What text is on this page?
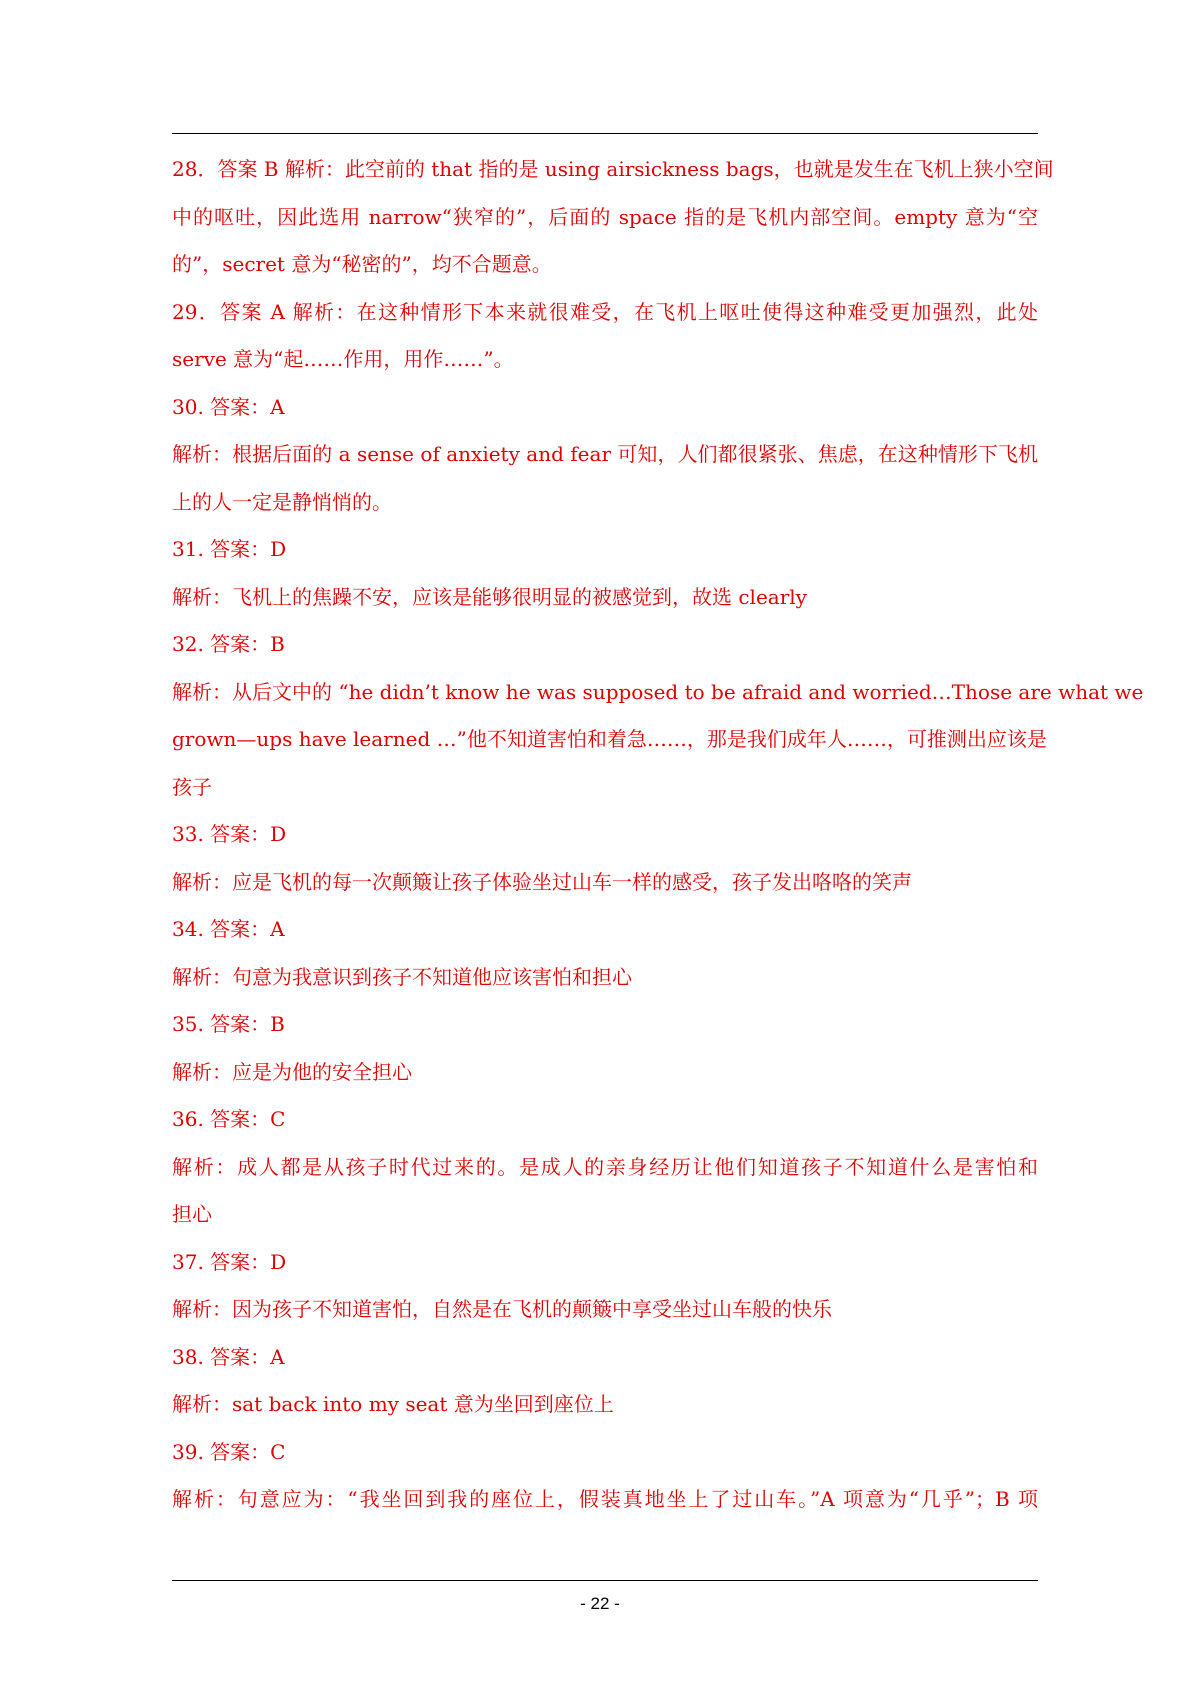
28．答案 B 解析：此空前的 that 指的是 using airsickness bags，也就是发生在飞机上狭小空间
中的呕吐，因此选用 narrow“狭窄的”，后面的 space 指的是飞机内部空间。empty 意为“空
的”，secret 意为“秘密的”，均不合题意。
29．答案 A 解析：在这种情形下本来就很难受，在飞机上呕吐使得这种难受更加强烈，此处
serve 意为“起……作用，用作……”。
30. 答案：A
解析：根据后面的 a sense of anxiety and fear 可知，人们都很紧张、焦虑，在这种情形下飞机
上的人一定是静悄悄的。
31. 答案：D
解析：飞机上的焦躁不安，应该是能够很明显的被感觉到，故选 clearly
32. 答案：B
解析：从后文中的 “he didn’t know he was supposed to be afraid and worried…Those are what we
grown—ups have learned …”他不知道害怕和着急……，那是我们成年人……，可推测出应该是
孩子
33. 答案：D
解析：应是飞机的每一次颠簸让孩子体验坐过山车一样的感受，孩子发出咯咯的笑声
34. 答案：A
解析：句意为我意识到孩子不知道他应该害怕和担心
35. 答案：B
解析：应是为他的安全担心
36. 答案：C
解析：成人都是从孩子时代过来的。是成人的亲身经历让他们知道孩子不知道什么是害怕和
担心
37. 答案：D
解析：因为孩子不知道害怕，自然是在飞机的颠簸中享受坐过山车般的快乐
38. 答案：A
解析：sat back into my seat 意为坐回到座位上
39. 答案：C
解析：句意应为：“我坐回到我的座位上，假装真地坐上了过山车。”A 项意为“几乎”；B 项
- 22 -
